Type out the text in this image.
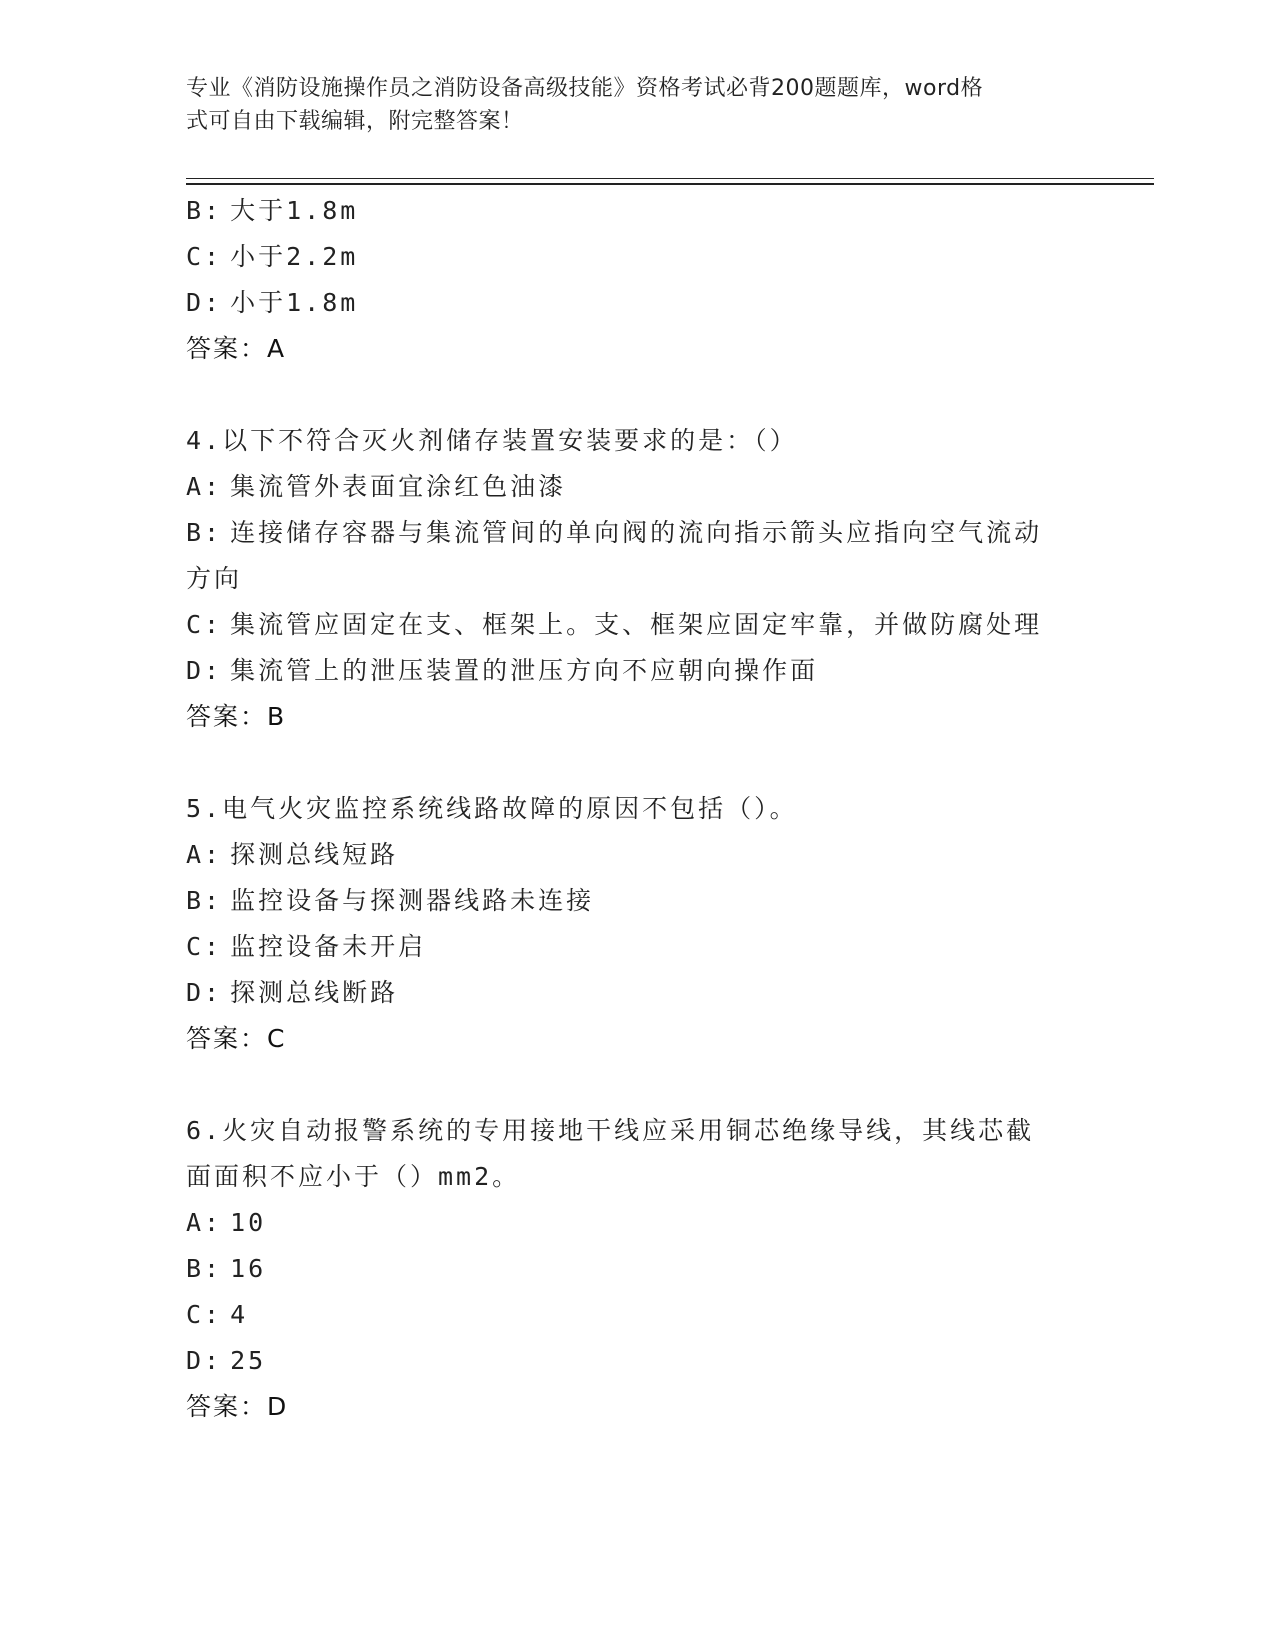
专业《消防设施操作员之消防设备高级技能》资格考试必背200题题库，word格
式可自由下载编辑，附完整答案！
B: 大于1.8m
C: 小于2.2m
D: 小于1.8m
答案：A
4.以下不符合灭火剂储存装置安装要求的是：（）
A: 集流管外表面宜涂红色油漆
B: 连接储存容器与集流管间的单向阀的流向指示箭头应指向空气流动
方向
C: 集流管应固定在支、框架上。支、框架应固定牢靠，并做防腐处理
D: 集流管上的泄压装置的泄压方向不应朝向操作面
答案：B
5.电气火灾监控系统线路故障的原因不包括（）。
A: 探测总线短路
B: 监控设备与探测器线路未连接
C: 监控设备未开启
D: 探测总线断路
答案：C
6.火灾自动报警系统的专用接地干线应采用铜芯绝缘导线，其线芯截
面面积不应小于（）mm2。
A: 10
B: 16
C: 4
D: 25
答案：D
